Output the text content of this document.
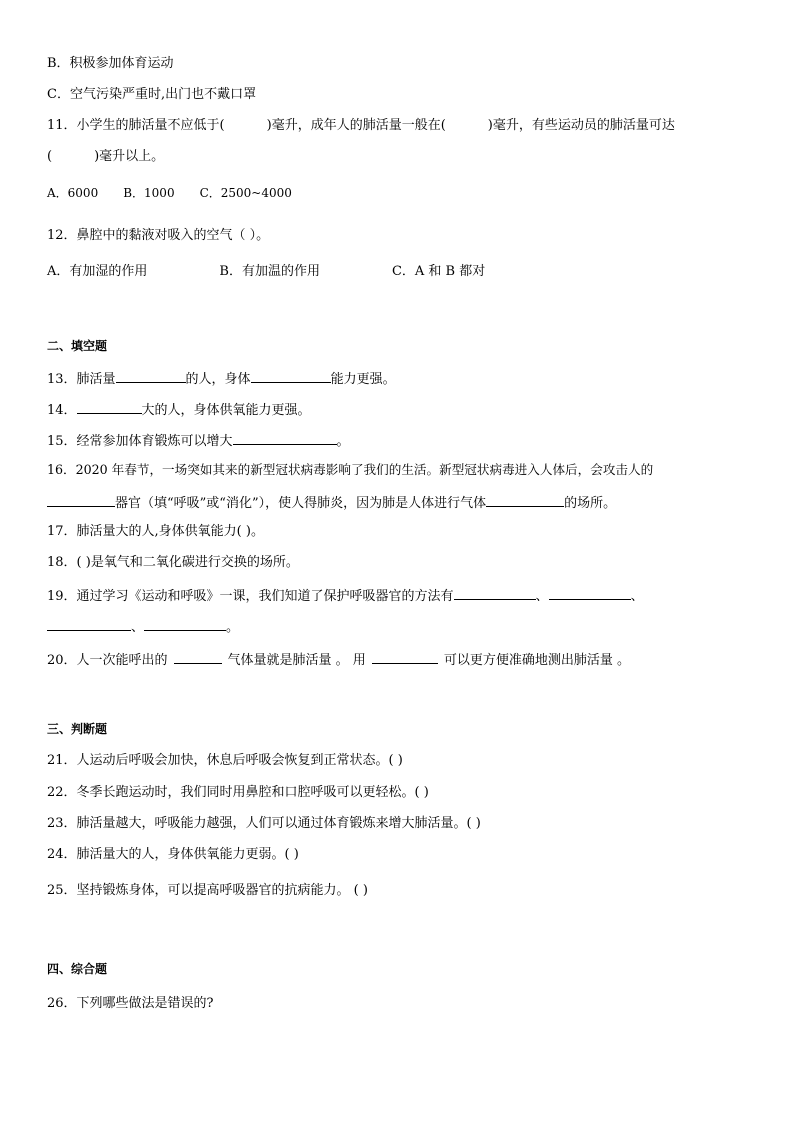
B．积极参加体育运动
C．空气污染严重时,出门也不戴口罩
11．小学生的肺活量不应低于(	)毫升，成年人的肺活量一般在(	)毫升，有些运动员的肺活量可达
(	)毫升以上。
A．6000 B．1000 C．2500~4000
12．鼻腔中的黏液对吸入的空气（ ）。
A．有加湿的作用	B．有加温的作用	C．A 和 B 都对
二、填空题
13．肺活量	的人，身体	能力更强。
14．	大的人，身体供氧能力更强。
15．经常参加体育锻炼可以增大	。
16．2020 年春节，一场突如其来的新型冠状病毒影响了我们的生活。新型冠状病毒进入人体后，会攻击人的
器官（填“呼吸”或“消化”），使人得肺炎，因为肺是人体进行气体	的场所。
17．肺活量大的人,身体供氧能力( )。
18．( )是氧气和二氧化碳进行交换的场所。
19．通过学习《运动和呼吸》一课，我们知道了保护呼吸器官的方法有	、	、
、	。
20．人一次能呼出的	气体量就是肺活量 。 用	可以更方便准确地测出肺活量 。
三、判断题
21．人运动后呼吸会加快，休息后呼吸会恢复到正常状态。( )
22．冬季长跑运动时，我们同时用鼻腔和口腔呼吸可以更轻松。( )
23．肺活量越大，呼吸能力越强，人们可以通过体育锻炼来增大肺活量。( )
24．肺活量大的人，身体供氧能力更弱。( )
25．坚持锻炼身体，可以提高呼吸器官的抗病能力。 ( )
四、综合题
26．下列哪些做法是错误的?
